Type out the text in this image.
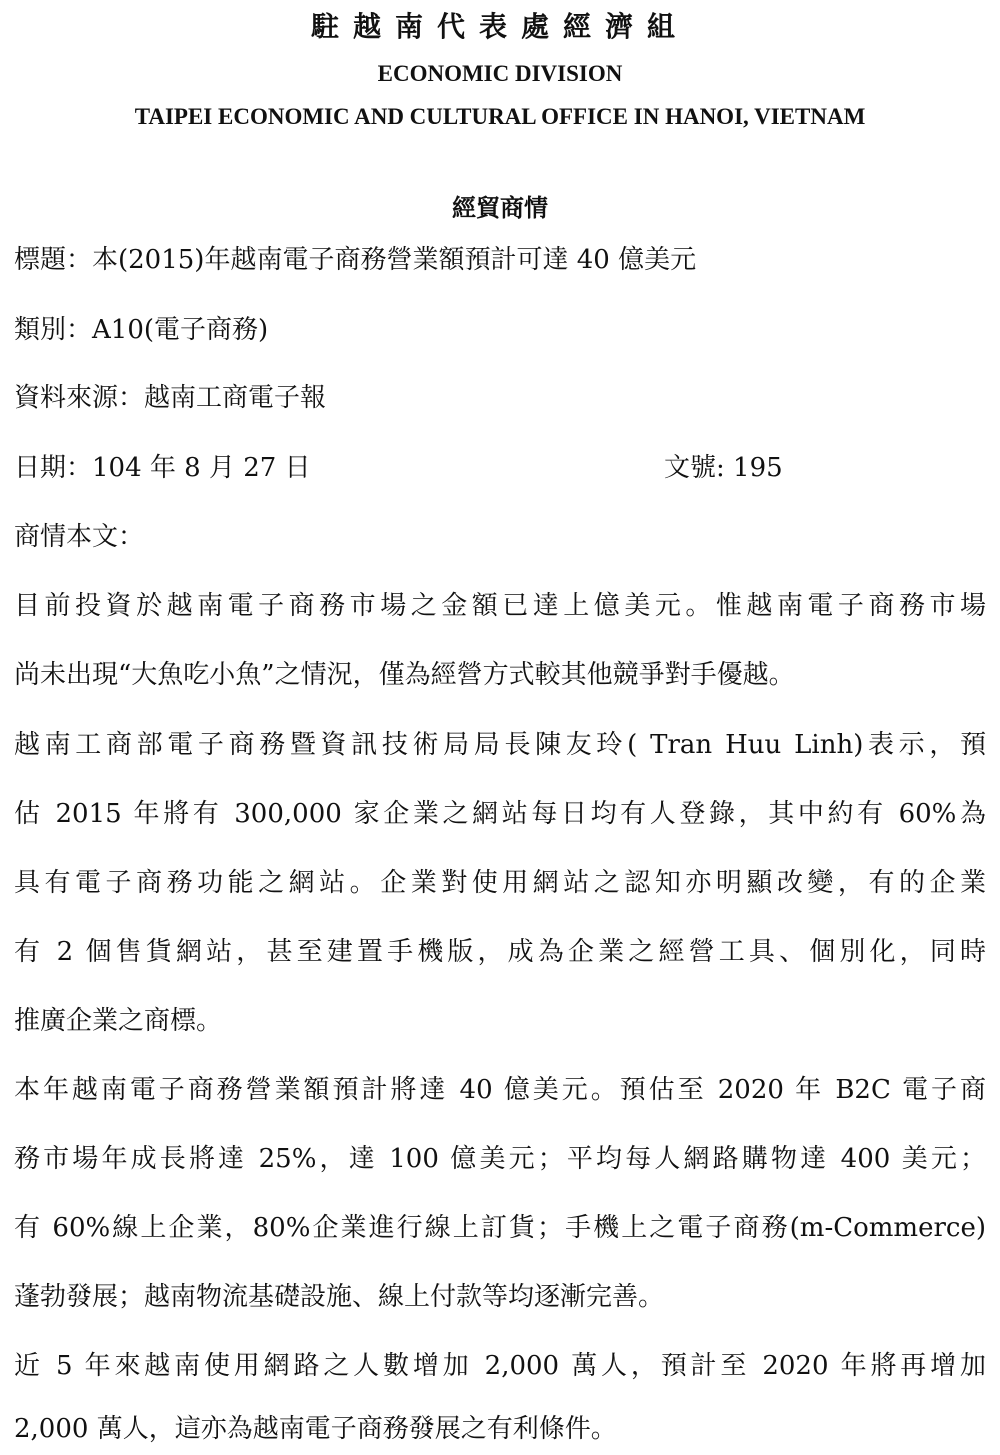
駐越南代表處經濟組
ECONOMIC DIVISION
TAIPEI ECONOMIC AND CULTURAL OFFICE IN HANOI, VIETNAM
經貿商情
標題：本(2015)年越南電子商務營業額預計可達 40 億美元
類別：A10(電子商務)
資料來源：越南工商電子報
日期：104 年 8 月 27 日	文號: 195
商情本文：
目前投資於越南電子商務市場之金額已達上億美元。惟越南電子商務市場
尚未出現“大魚吃小魚”之情況，僅為經營方式較其他競爭對手優越。
越南工商部電子商務暨資訊技術局局長陳友玲( Tran Huu Linh)表示，預
估 2015 年將有 300,000 家企業之網站每日均有人登錄，其中約有 60%為
具有電子商務功能之網站。企業對使用網站之認知亦明顯改變，有的企業
有 2 個售貨網站，甚至建置手機版，成為企業之經營工具、個別化，同時
推廣企業之商標。
本年越南電子商務營業額預計將達 40 億美元。預估至 2020 年 B2C 電子商
務市場年成長將達 25%，達 100 億美元；平均每人網路購物達 400 美元；
有 60%線上企業，80%企業進行線上訂貨；手機上之電子商務(m-Commerce)
蓬勃發展；越南物流基礎設施、線上付款等均逐漸完善。
近 5 年來越南使用網路之人數增加 2,000 萬人，預計至 2020 年將再增加
2,000 萬人，這亦為越南電子商務發展之有利條件。
